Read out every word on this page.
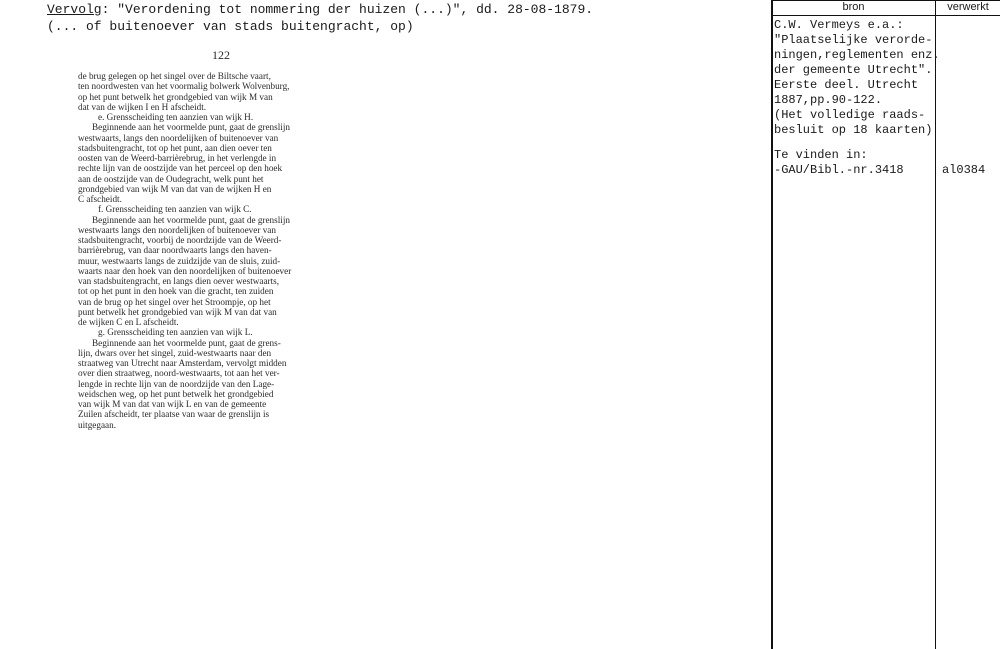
Vervolg: "Verordening tot nommering der huizen (...)", dd. 28-08-1879.
(... of buitenoever van stads buitengracht, op)
122
de brug gelegen op het singel over de Biltsche vaart,
ten noordwesten van het voormalig bolwerk Wolvenburg,
op het punt betwelk het grondgebied van wijk M van
dat van de wijken I en H afscheidt.
e. Grensscheiding ten aanzien van wijk H.
Beginnende aan het voormelde punt, gaat de grenslijn
westwaarts, langs den noordelijken of buitenoever van
stadsbuitengracht, tot op het punt, aan dien oever ten
oosten van de Weerd-barrièrebrug, in het verlengde in
rechte lijn van de oostzijde van het perceel op den hoek
aan de oostzijde van de Oudegracht, welk punt het
grondgebied van wijk M van dat van de wijken H en
C afscheidt.
f. Grensscheiding ten aanzien van wijk C.
Beginnende aan het voormelde punt, gaat de grenslijn
westwaarts langs den noordelijken of buitenoever van
stadsbuitengracht, voorbij de noordzijde van de Weerd-
barrièrebrug, van daar noordwaarts langs den haven-
muur, westwaarts langs de zuidzijde van de sluis, zuid-
waarts naar den hoek van den noordelijken of buitenoever
van stadsbuitengracht, en langs dien oever westwaarts,
tot op het punt in den hoek van die gracht, ten zuiden
van de brug op het singel over het Stroompje, op het
punt betwelk het grondgebied van wijk M van dat van
de wijken C en L afscheidt.
g. Grensscheiding ten aanzien van wijk L.
Beginnende aan het voormelde punt, gaat de grens-
lijn, dwars over het singel, zuid-westwaarts naar den
straatweg van Utrecht naar Amsterdam, vervolgt midden
over dien straatweg, noord-westwaarts, tot aan het ver-
lengde in rechte lijn van de noordzijde van den Lage-
weidschen weg, op het punt betwelk het grondgebied
van wijk M van dat van wijk L en van de gemeente
Zuilen afscheidt, ter plaatse van waar de grenslijn is
uitgegaan.
bron	verwerkt
C.W. Vermeys e.a.:
"Plaatselijke verorde-
ningen,reglementen enz.
der gemeente Utrecht".
Eerste deel. Utrecht
1887,pp.90-122.
(Het volledige raads-
besluit op 18 kaarten)
Te vinden in:
-GAU/Bibl.-nr.3418	al0384
